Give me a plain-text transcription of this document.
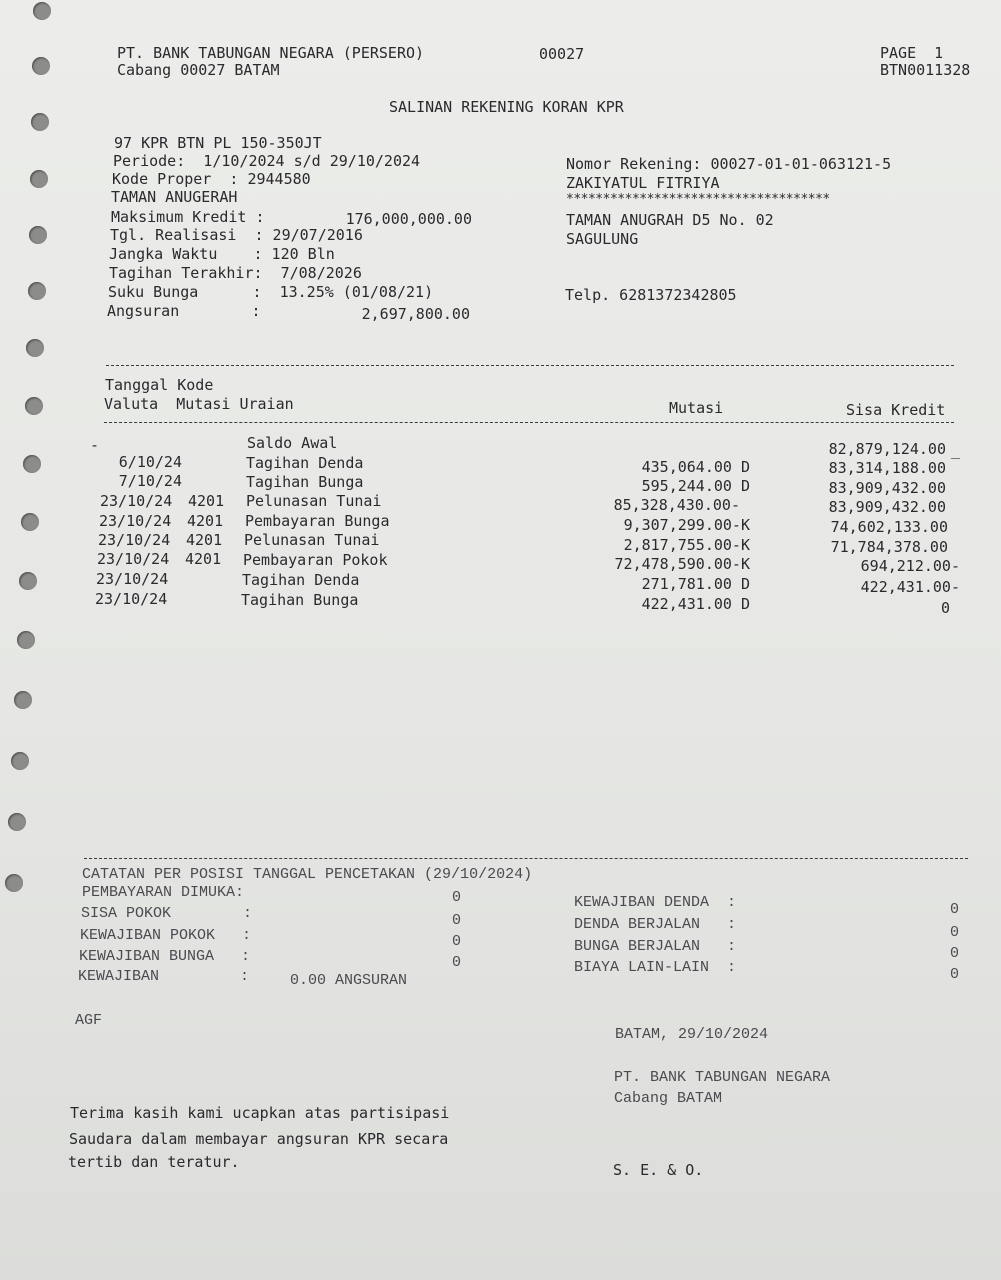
PT. BANK TABUNGAN NEGARA (PERSERO)
Cabang 00027 BATAM
00027	PAGE  1
BTN0011328
SALINAN REKENING KORAN KPR
97 KPR BTN PL 150-350JT
Periode:  1/10/2024 s/d 29/10/2024
Kode Proper  : 2944580
TAMAN ANUGERAH
Maksimum Kredit :	176,000,000.00
Tgl. Realisasi  : 29/07/2016
Jangka Waktu    : 120 Bln
Tagihan Terakhir:  7/08/2026
Suku Bunga      :  13.25% (01/08/21)
Angsuran        :	2,697,800.00
Nomor Rekening: 00027-01-01-063121-5
ZAKIYATUL FITRIYA
************************************
TAMAN ANUGRAH D5 No. 02
SAGULUNG
Telp. 6281372342805
Tanggal Kode
Valuta  Mutasi Uraian	Mutasi	Sisa Kredit
-	Saldo Awal	82,879,124.00 _
6/10/24	Tagihan Denda	435,064.00 D	83,314,188.00
7/10/24	Tagihan Bunga	595,244.00 D	83,909,432.00
23/10/24 4201 Pelunasan Tunai	85,328,430.00-	83,909,432.00
23/10/24 4201 Pembayaran Bunga	9,307,299.00-K	74,602,133.00
23/10/24 4201 Pelunasan Tunai	2,817,755.00-K	71,784,378.00
23/10/24 4201 Pembayaran Pokok	72,478,590.00-K	694,212.00-
23/10/24	Tagihan Denda	271,781.00 D	422,431.00-
23/10/24	Tagihan Bunga	422,431.00 D	0
CATATAN PER POSISI TANGGAL PENCETAKAN (29/10/2024)
PEMBAYARAN DIMUKA:	0
SISA POKOK        :	0
KEWAJIBAN POKOK   :	0
KEWAJIBAN BUNGA   :	0
KEWAJIBAN         :	0.00 ANGSURAN
KEWAJIBAN DENDA  :	0
DENDA BERJALAN   :	0
BUNGA BERJALAN   :	0
BIAYA LAIN-LAIN  :	0
AGF
BATAM, 29/10/2024
PT. BANK TABUNGAN NEGARA
Cabang BATAM
Terima kasih kami ucapkan atas partisipasi
Saudara dalam membayar angsuran KPR secara
tertib dan teratur.	S. E. & O.
